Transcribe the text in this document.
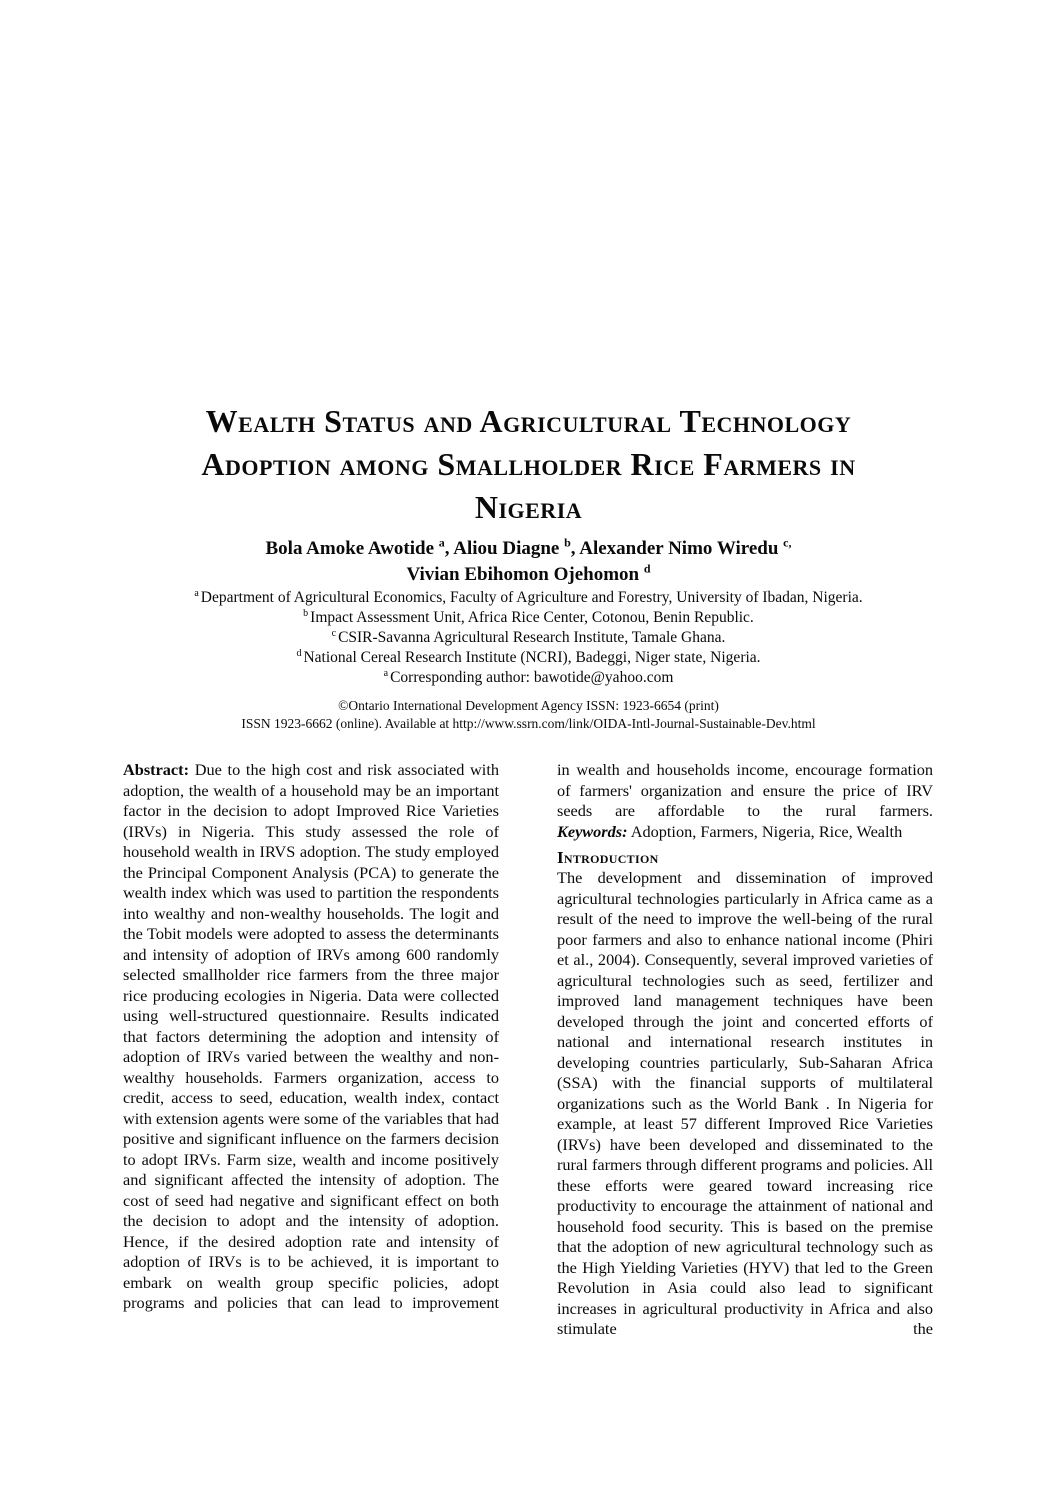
Wealth Status and Agricultural Technology
Adoption among Smallholder Rice Farmers in
Nigeria
Bola Amoke Awotide $^a$, Aliou Diagne $^b$, Alexander Nimo Wiredu $^{c,}$
Vivian Ebihomon Ojehomon $^d$
$^a$ Department of Agricultural Economics, Faculty of Agriculture and Forestry, University of Ibadan, Nigeria.
$^b$ Impact Assessment Unit, Africa Rice Center, Cotonou, Benin Republic.
$^c$ CSIR-Savanna Agricultural Research Institute, Tamale Ghana.
$^d$ National Cereal Research Institute (NCRI), Badeggi, Niger state, Nigeria.
$^a$ Corresponding author: bawotide@yahoo.com
©Ontario International Development Agency ISSN: 1923-6654 (print)
ISSN 1923-6662 (online). Available at http://www.ssrn.com/link/OIDA-Intl-Journal-Sustainable-Dev.html

Abstract: Due to the high cost and risk associated with adoption, the wealth of a household may be an important factor in the decision to adopt Improved Rice Varieties (IRVs) in Nigeria. This study assessed the role of household wealth in IRVS adoption. The study employed the Principal Component Analysis (PCA) to generate the wealth index which was used to partition the respondents into wealthy and non-wealthy households. The logit and the Tobit models were adopted to assess the determinants and intensity of adoption of IRVs among 600 randomly selected smallholder rice farmers from the three major rice producing ecologies in Nigeria. Data were collected using well-structured questionnaire. Results indicated that factors determining the adoption and intensity of adoption of IRVs varied between the wealthy and non-wealthy households. Farmers organization, access to credit, access to seed, education, wealth index, contact with extension agents were some of the variables that had positive and significant influence on the farmers decision to adopt IRVs. Farm size, wealth and income positively and significant affected the intensity of adoption. The cost of seed had negative and significant effect on both the decision to adopt and the intensity of adoption. Hence, if the desired adoption rate and intensity of adoption of IRVs is to be achieved, it is important to embark on wealth group specific policies, adopt programs and policies that can lead to improvement

in wealth and households income, encourage formation of farmers' organization and ensure the price of IRV seeds are affordable to the rural farmers.

Keywords: Adoption, Farmers, Nigeria, Rice, Wealth

Introduction

The development and dissemination of improved agricultural technologies particularly in Africa came as a result of the need to improve the well-being of the rural poor farmers and also to enhance national income (Phiri et al., 2004). Consequently, several improved varieties of agricultural technologies such as seed, fertilizer and improved land management techniques have been developed through the joint and concerted efforts of national and international research institutes in developing countries particularly, Sub-Saharan Africa (SSA) with the financial supports of multilateral organizations such as the World Bank . In Nigeria for example, at least 57 different Improved Rice Varieties (IRVs) have been developed and disseminated to the rural farmers through different programs and policies. All these efforts were geared toward increasing rice productivity to encourage the attainment of national and household food security. This is based on the premise that the adoption of new agricultural technology such as the High Yielding Varieties (HYV) that led to the Green Revolution in Asia could also lead to significant increases in agricultural productivity in Africa and also stimulate the
